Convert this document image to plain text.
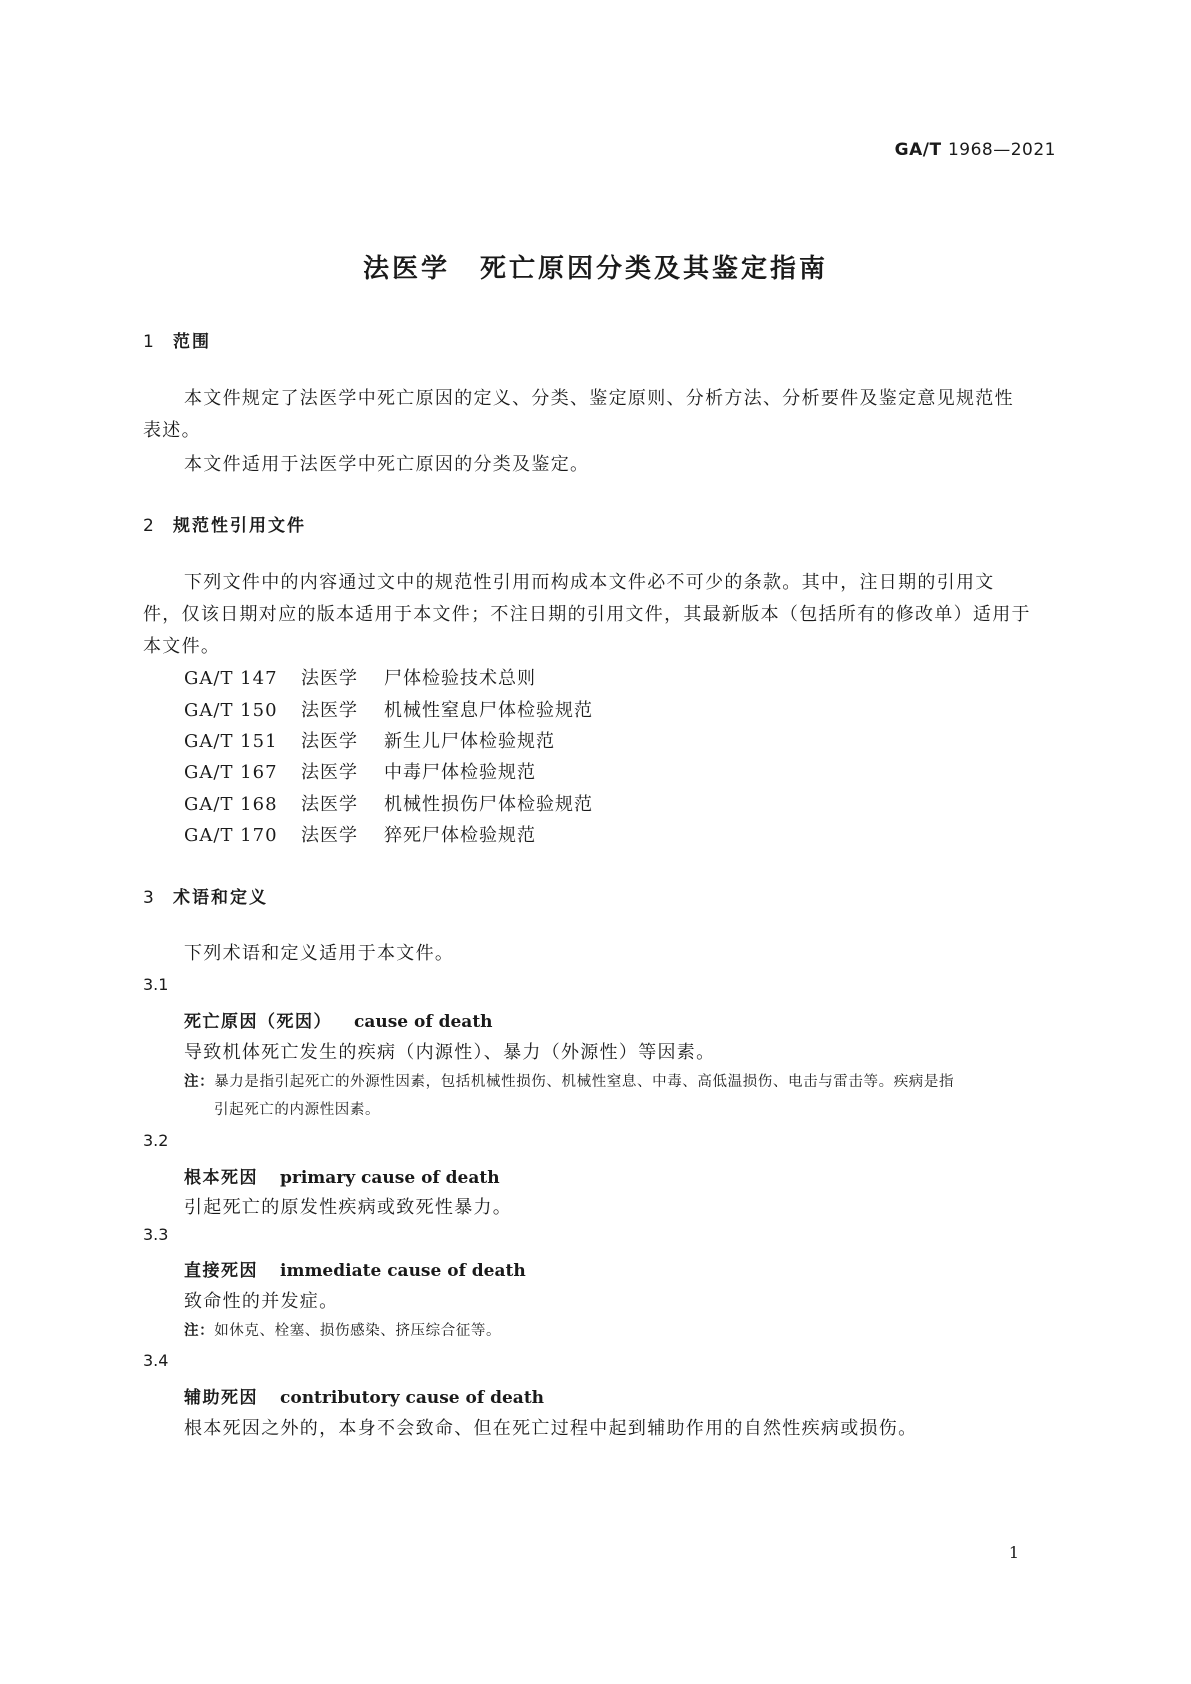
GA/T 1968—2021
法医学 死亡原因分类及其鉴定指南
1 范围
本文件规定了法医学中死亡原因的定义、分类、鉴定原则、分析方法、分析要件及鉴定意见规范性
表述。
本文件适用于法医学中死亡原因的分类及鉴定。
2 规范性引用文件
下列文件中的内容通过文中的规范性引用而构成本文件必不可少的条款。其中，注日期的引用文
件，仅该日期对应的版本适用于本文件；不注日期的引用文件，其最新版本（包括所有的修改单）适用于
本文件。
GA/T 147 法医学 尸体检验技术总则
GA/T 150 法医学 机械性窒息尸体检验规范
GA/T 151 法医学 新生儿尸体检验规范
GA/T 167 法医学 中毒尸体检验规范
GA/T 168 法医学 机械性损伤尸体检验规范
GA/T 170 法医学 猝死尸体检验规范
3 术语和定义
下列术语和定义适用于本文件。
3.1
死亡原因（死因） cause of death
导致机体死亡发生的疾病（内源性）、暴力（外源性）等因素。
注：暴力是指引起死亡的外源性因素，包括机械性损伤、机械性窒息、中毒、高低温损伤、电击与雷击等。疾病是指
引起死亡的内源性因素。
3.2
根本死因 primary cause of death
引起死亡的原发性疾病或致死性暴力。
3.3
直接死因 immediate cause of death
致命性的并发症。
注：如休克、栓塞、损伤感染、挤压综合征等。
3.4
辅助死因 contributory cause of death
根本死因之外的，本身不会致命、但在死亡过程中起到辅助作用的自然性疾病或损伤。
1
